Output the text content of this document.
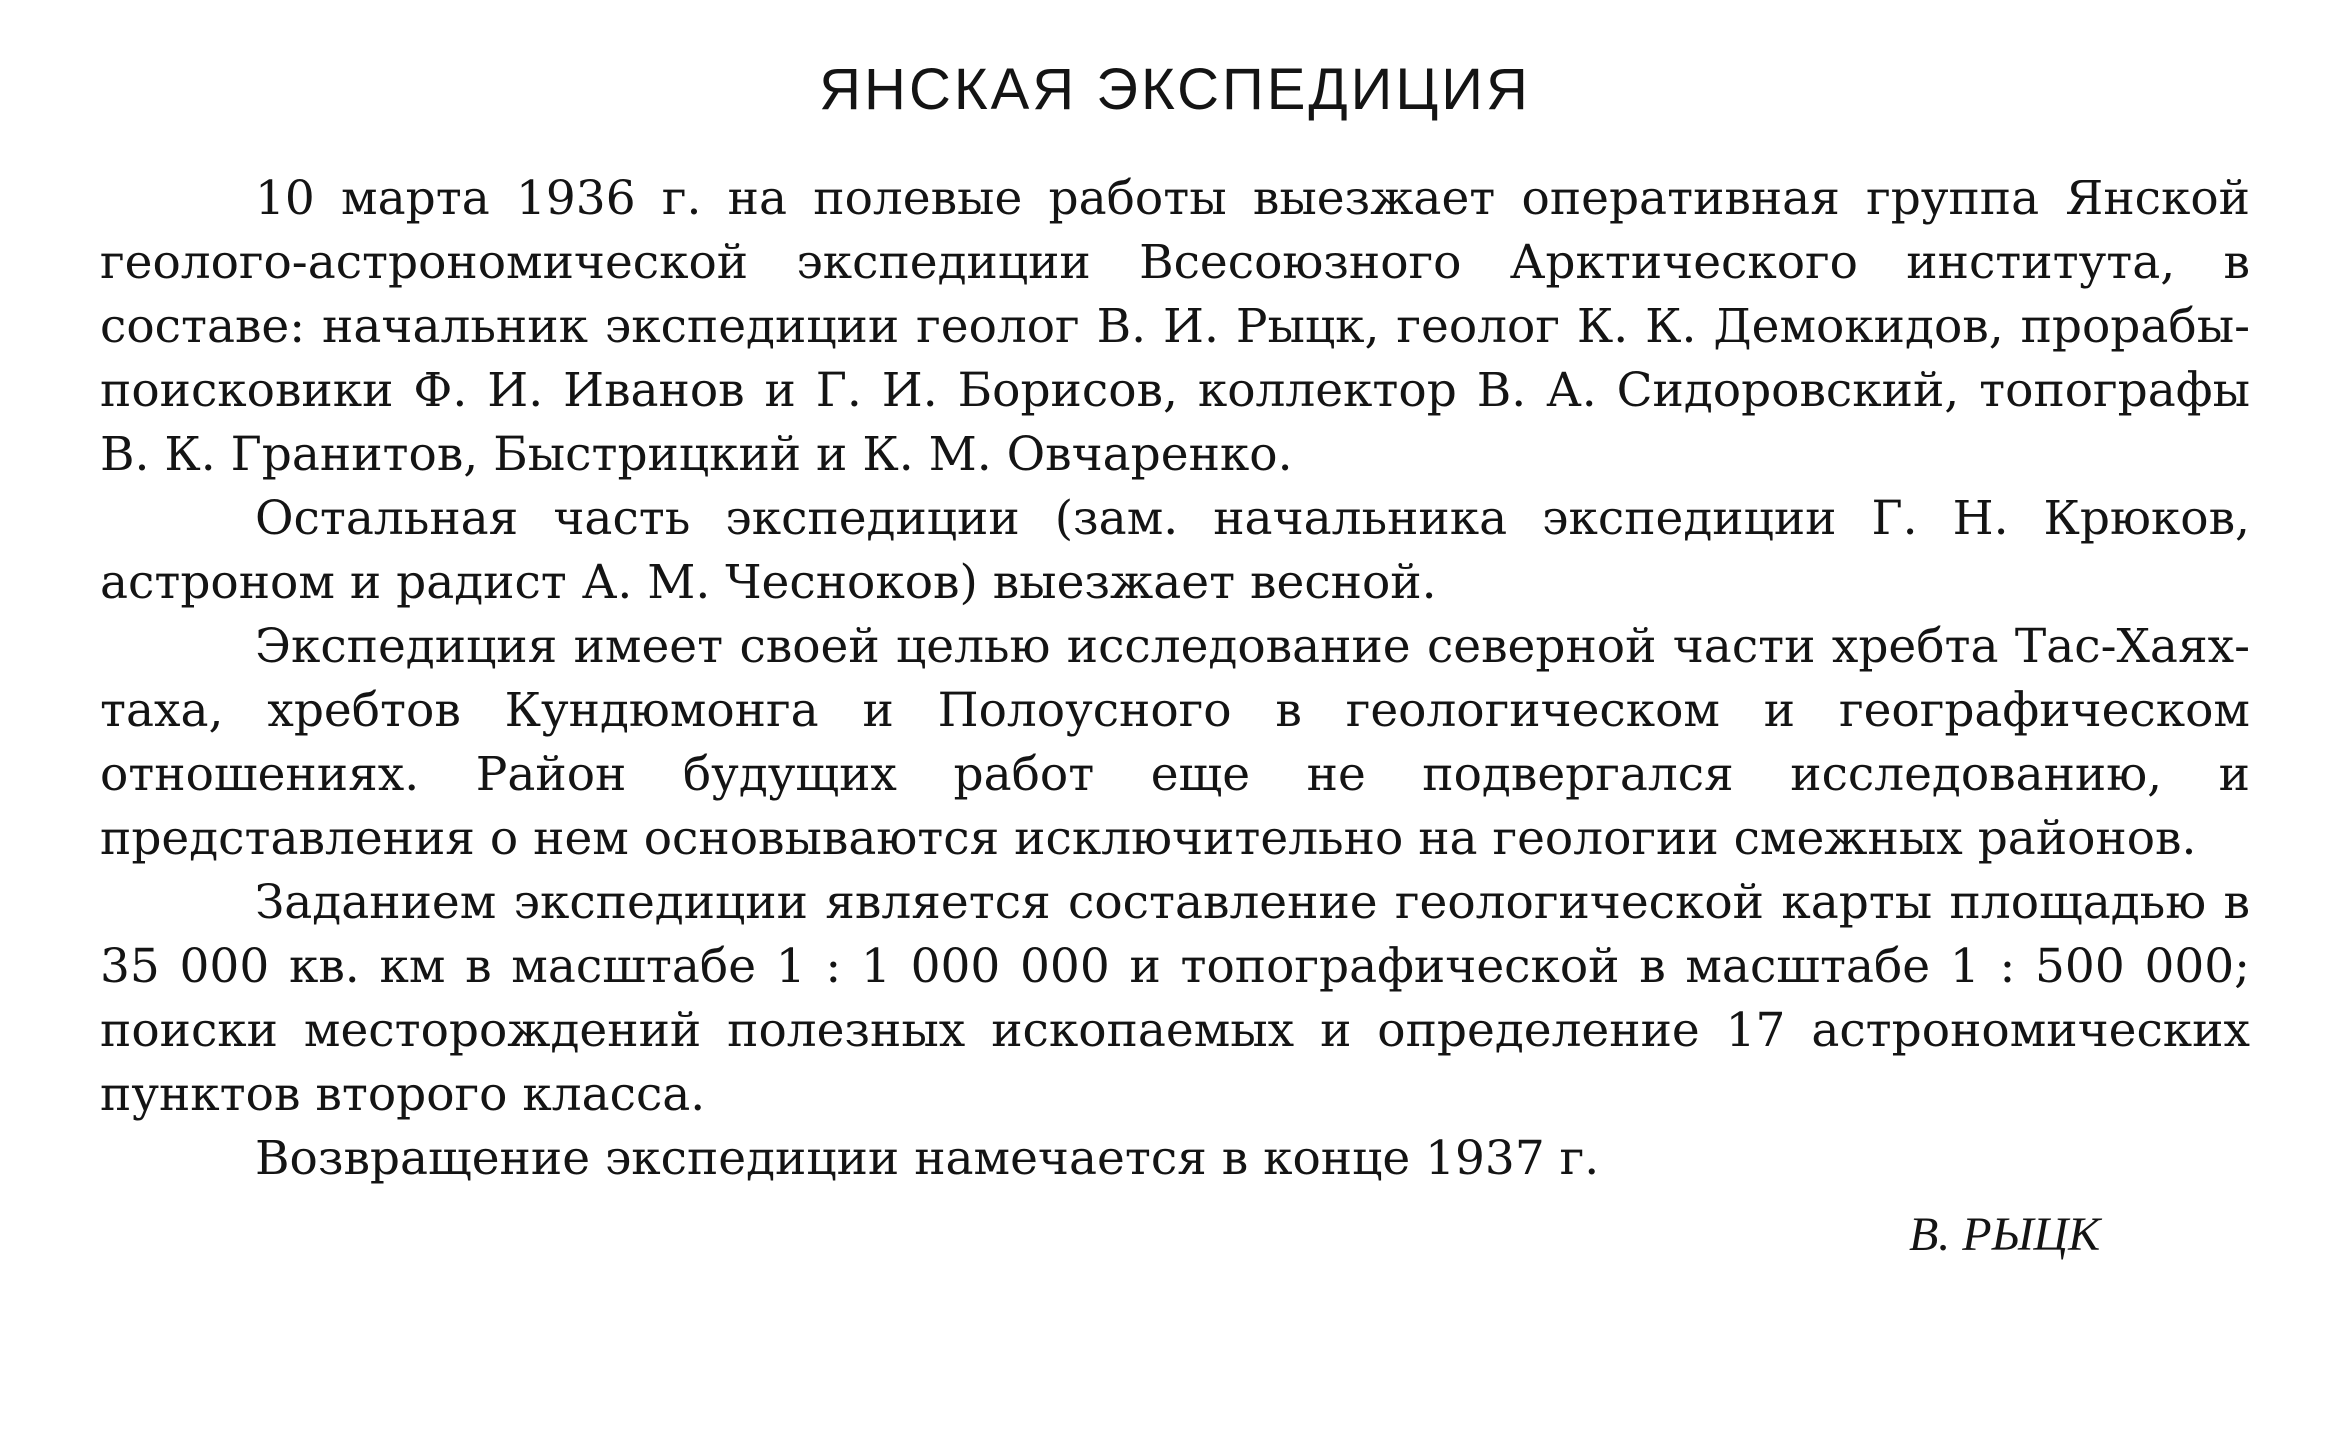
ЯНСКАЯ ЭКСПЕДИЦИЯ

10 марта 1936 г. на полевые работы выезжает оперативная группа Янской геолого-астрономической экспедиции Всесоюзного Арктического института, в составе: начальник экспедиции геолог В. И. Рыцк, геолог К. К. Демокидов, прорабы-поисковики Ф. И. Иванов и Г. И. Борисов, коллектор В. А. Сидоровский, топографы В. К. Гранитов, Быстрицкий и К. М. Овчаренко.

Остальная часть экспедиции (зам. начальника экспедиции Г. Н. Крюков, астроном и радист А. М. Чесноков) выезжает весной.

Экспедиция имеет своей целью исследование северной части хребта Тас-Хаях-таха, хребтов Кундюмонга и Полоусного в геологическом и географическом отношениях. Район будущих работ еще не подвергался исследованию, и представления о нем основываются исключительно на геологии смежных районов.

Заданием экспедиции является составление геологической карты площадью в 35 000 кв. км в масштабе 1 : 1 000 000 и топографической в масштабе 1 : 500 000; поиски месторождений полезных ископаемых и определение 17 астрономических пунктов второго класса.

Возвращение экспедиции намечается в конце 1937 г.

В. РЫЦК
